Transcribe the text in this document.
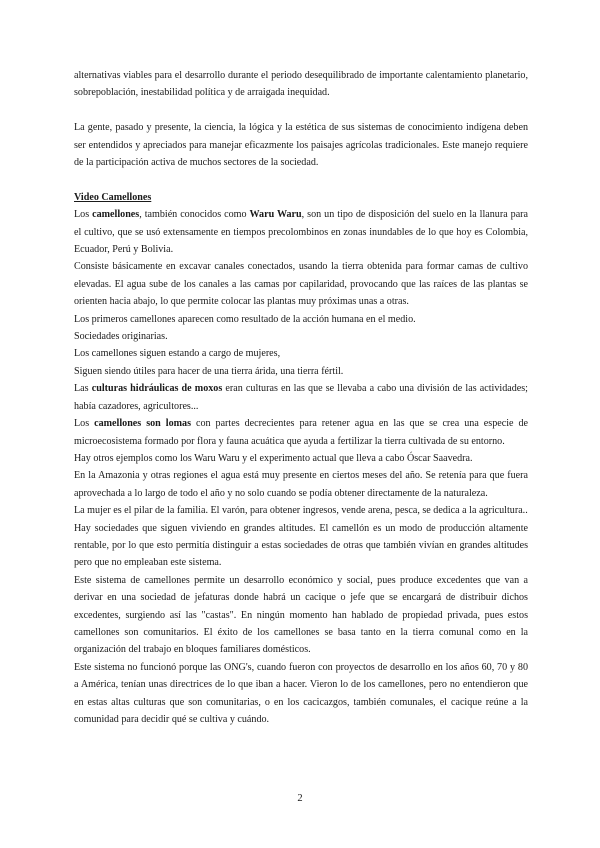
alternativas viables para el desarrollo durante el periodo desequilibrado de importante calentamiento planetario, sobrepoblación, inestabilidad política y de arraigada inequidad.

La gente, pasado y presente, la ciencia, la lógica y la estética de sus sistemas de conocimiento indígena deben ser entendidos y apreciados para manejar eficazmente los paisajes agrícolas tradicionales. Este manejo requiere de la participación activa de muchos sectores de la sociedad.

Video Camellones

Los camellones, también conocidos como Waru Waru, son un tipo de disposición del suelo en la llanura para el cultivo, que se usó extensamente en tiempos precolombinos en zonas inundables de lo que hoy es Colombia, Ecuador, Perú y Bolivia.

Consiste básicamente en excavar canales conectados, usando la tierra obtenida para formar camas de cultivo elevadas. El agua sube de los canales a las camas por capilaridad, provocando que las raíces de las plantas se orienten hacia abajo, lo que permite colocar las plantas muy próximas unas a otras.

Los primeros camellones aparecen como resultado de la acción humana en el medio.

Sociedades originarias.

Los camellones siguen estando a cargo de mujeres,

Siguen siendo útiles para hacer de una tierra árida, una tierra fértil.

Las culturas hidráulicas de moxos eran culturas en las que se llevaba a cabo una división de las actividades; había cazadores, agricultores...

Los camellones son lomas con partes decrecientes para retener agua en las que se crea una especie de microecosistema formado por flora y fauna acuática que ayuda a fertilizar la tierra cultivada de su entorno.

Hay otros ejemplos como los Waru Waru y el experimento actual que lleva a cabo Óscar Saavedra.

En la Amazonia y otras regiones el agua está muy presente en ciertos meses del año. Se retenía para que fuera aprovechada a lo largo de todo el año y no solo cuando se podía obtener directamente de la naturaleza.

La mujer es el pilar de la familia. El varón, para obtener ingresos, vende arena, pesca, se dedica a la agricultura..

Hay sociedades que siguen viviendo en grandes altitudes. El camellón es un modo de producción altamente rentable, por lo que esto permitía distinguir a estas sociedades de otras que también vivían en grandes altitudes pero que no empleaban este sistema.

Este sistema de camellones permite un desarrollo económico y social, pues produce excedentes que van a derivar en una sociedad de jefaturas donde habrá un cacique o jefe que se encargará de distribuir dichos excedentes, surgiendo así las "castas". En ningún momento han hablado de propiedad privada, pues estos camellones son comunitarios. El éxito de los camellones se basa tanto en la tierra comunal como en la organización del trabajo en bloques familiares domésticos.

Este sistema no funcionó porque las ONG's, cuando fueron con proyectos de desarrollo en los años 60, 70 y 80 a América, tenían unas directrices de lo que iban a hacer. Vieron lo de los camellones, pero no entendieron que en estas altas culturas que son comunitarias, o en los cacicazgos, también comunales, el cacique reúne a la comunidad para decidir qué se cultiva y cuándo.

2
